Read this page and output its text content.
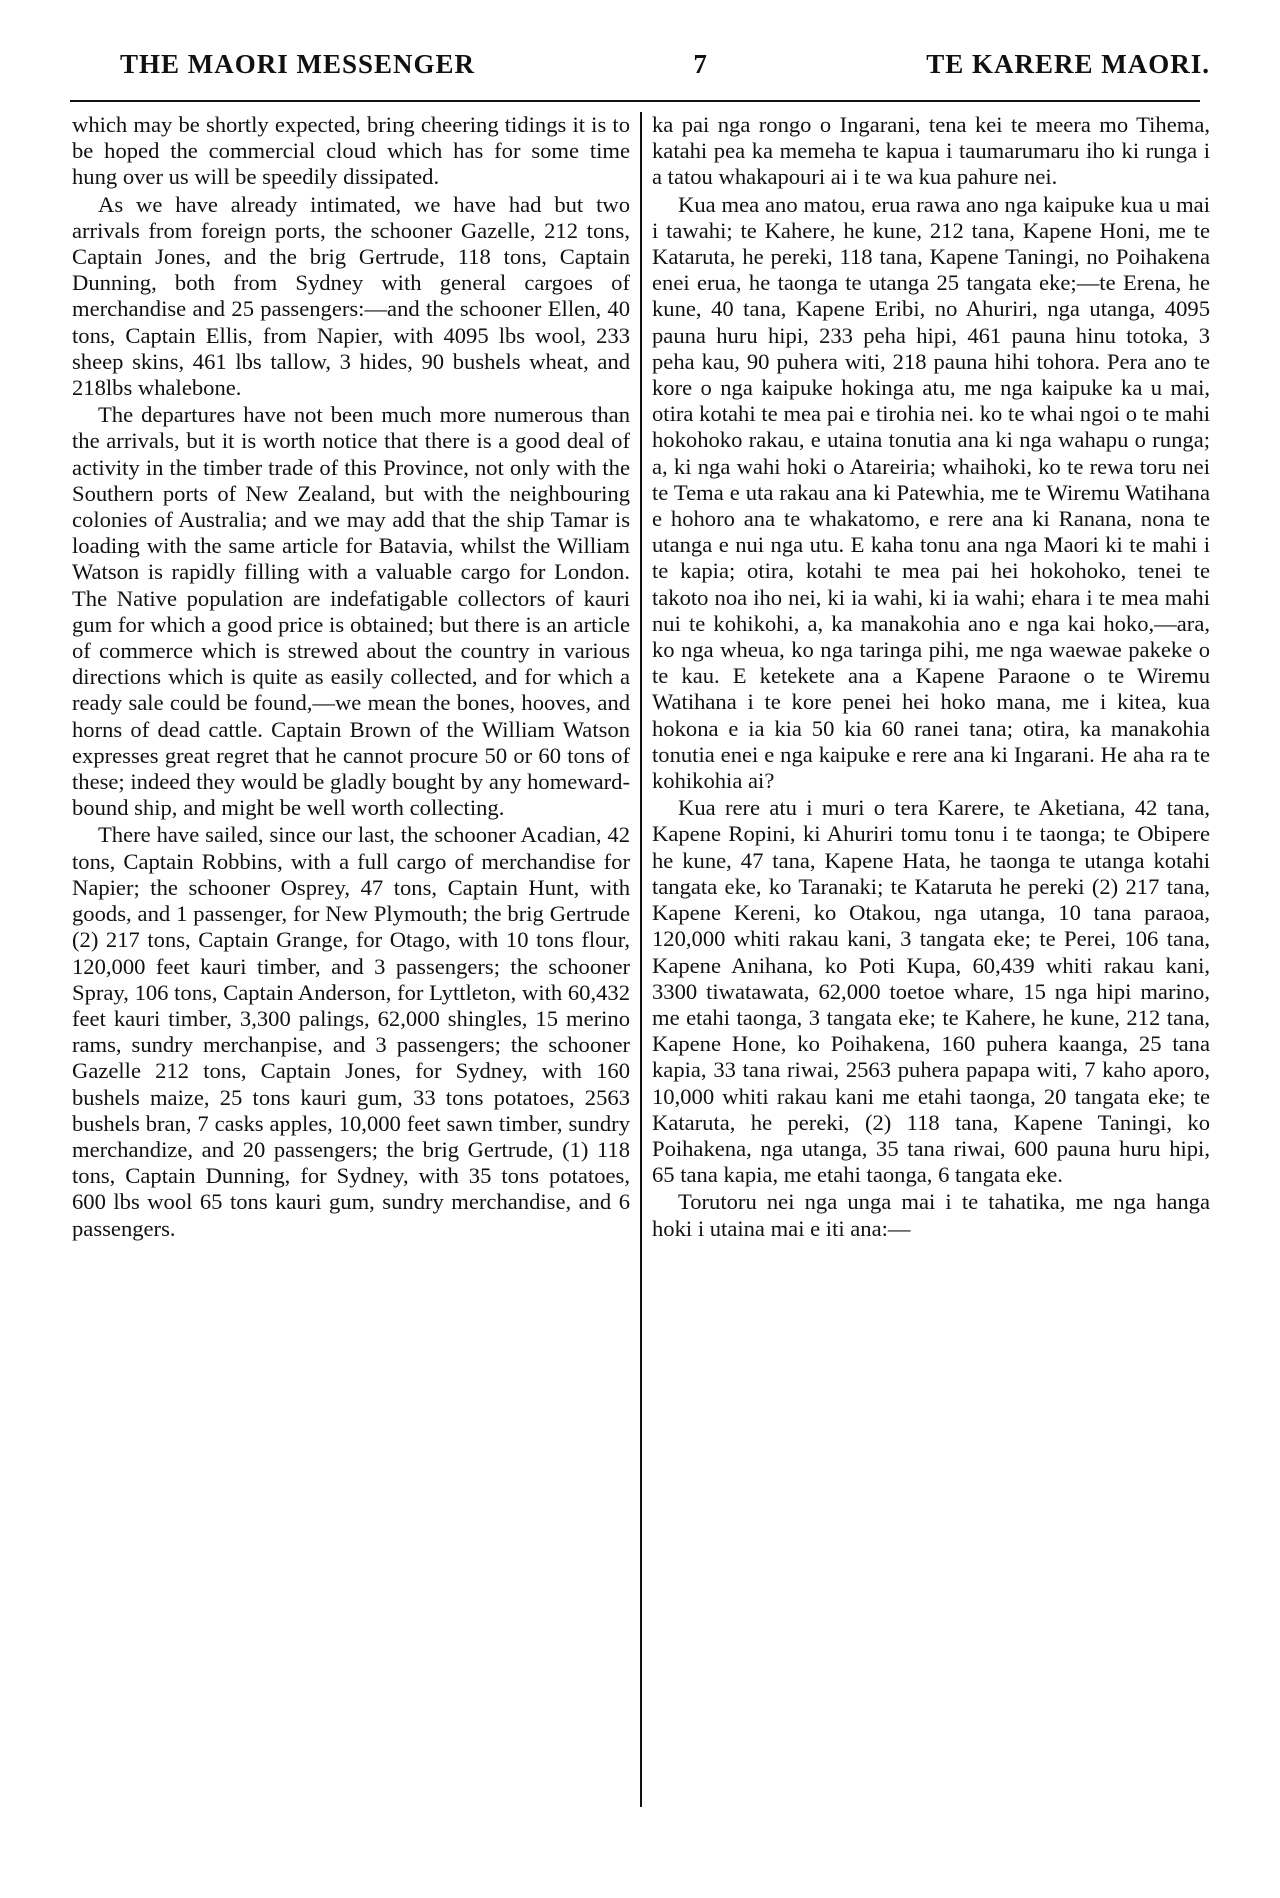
THE MAORI MESSENGER	7	TE KARERE MAORI.

which may be shortly expected, bring cheering tidings it is to be hoped the commercial cloud which has for some time hung over us will be speedily dissipated.

As we have already intimated, we have had but two arrivals from foreign ports, the schooner Gazelle, 212 tons, Captain Jones, and the brig Gertrude, 118 tons, Captain Dunning, both from Sydney with general cargoes of merchandise and 25 passengers:—and the schooner Ellen, 40 tons, Captain Ellis, from Napier, with 4095 lbs wool, 233 sheep skins, 461 lbs tallow, 3 hides, 90 bushels wheat, and 218lbs whalebone.

The departures have not been much more numerous than the arrivals, but it is worth notice that there is a good deal of activity in the timber trade of this Province, not only with the Southern ports of New Zealand, but with the neighbouring colonies of Australia; and we may add that the ship Tamar is loading with the same article for Batavia, whilst the William Watson is rapidly filling with a valuable cargo for London. The Native population are indefatigable collectors of kauri gum for which a good price is obtained; but there is an article of commerce which is strewed about the country in various directions which is quite as easily collected, and for which a ready sale could be found,—we mean the bones, hooves, and horns of dead cattle. Captain Brown of the William Watson expresses great regret that he cannot procure 50 or 60 tons of these; indeed they would be gladly bought by any homeward-bound ship, and might be well worth collecting.

There have sailed, since our last, the schooner Acadian, 42 tons, Captain Robbins, with a full cargo of merchandise for Napier; the schooner Osprey, 47 tons, Captain Hunt, with goods, and 1 passenger, for New Plymouth; the brig Gertrude (2) 217 tons, Captain Grange, for Otago, with 10 tons flour, 120,000 feet kauri timber, and 3 passengers; the schooner Spray, 106 tons, Captain Anderson, for Lyttleton, with 60,432 feet kauri timber, 3,300 palings, 62,000 shingles, 15 merino rams, sundry merchanpise, and 3 passengers; the schooner Gazelle 212 tons, Captain Jones, for Sydney, with 160 bushels maize, 25 tons kauri gum, 33 tons potatoes, 2563 bushels bran, 7 casks apples, 10,000 feet sawn timber, sundry merchandize, and 20 passengers; the brig Gertrude, (1) 118 tons, Captain Dunning, for Sydney, with 35 tons potatoes, 600 lbs wool 65 tons kauri gum, sundry merchandise, and 6 passengers.

ka pai nga rongo o Ingarani, tena kei te meera mo Tihema, katahi pea ka memeha te kapua i taumarumaru iho ki runga i a tatou whakapouri ai i te wa kua pahure nei.

Kua mea ano matou, erua rawa ano nga kaipuke kua u mai i tawahi; te Kahere, he kune, 212 tana, Kapene Honi, me te Kataruta, he pereki, 118 tana, Kapene Taningi, no Poihakena enei erua, he taonga te utanga 25 tangata eke;—te Erena, he kune, 40 tana, Kapene Eribi, no Ahuriri, nga utanga, 4095 pauna huru hipi, 233 peha hipi, 461 pauna hinu totoka, 3 peha kau, 90 puhera witi, 218 pauna hihi tohora. Pera ano te kore o nga kaipuke hokinga atu, me nga kaipuke ka u mai, otira kotahi te mea pai e tirohia nei. ko te whai ngoi o te mahi hokohoko rakau, e utaina tonutia ana ki nga wahapu o runga; a, ki nga wahi hoki o Atareiria; whaihoki, ko te rewa toru nei te Tema e uta rakau ana ki Patewhia, me te Wiremu Watihana e hohoro ana te whakatomo, e rere ana ki Ranana, nona te utanga e nui nga utu. E kaha tonu ana nga Maori ki te mahi i te kapia; otira, kotahi te mea pai hei hokohoko, tenei te takoto noa iho nei, ki ia wahi, ki ia wahi; ehara i te mea mahi nui te kohikohi, a, ka manakohia ano e nga kai hoko,—ara, ko nga wheua, ko nga taringa pihi, me nga waewae pakeke o te kau. E ketekete ana a Kapene Paraone o te Wiremu Watihana i te kore penei hei hoko mana, me i kitea, kua hokona e ia kia 50 kia 60 ranei tana; otira, ka manakohia tonutia enei e nga kaipuke e rere ana ki Ingarani. He aha ra te kohikohia ai?

Kua rere atu i muri o tera Karere, te Aketiana, 42 tana, Kapene Ropini, ki Ahuriri tomu tonu i te taonga; te Obipere he kune, 47 tana, Kapene Hata, he taonga te utanga kotahi tangata eke, ko Taranaki; te Kataruta he pereki (2) 217 tana, Kapene Kereni, ko Otakou, nga utanga, 10 tana paraoa, 120,000 whiti rakau kani, 3 tangata eke; te Perei, 106 tana, Kapene Anihana, ko Poti Kupa, 60,439 whiti rakau kani, 3300 tiwatawata, 62,000 toetoe whare, 15 nga hipi marino, me etahi taonga, 3 tangata eke; te Kahere, he kune, 212 tana, Kapene Hone, ko Poihakena, 160 puhera kaanga, 25 tana kapia, 33 tana riwai, 2563 puhera papapa witi, 7 kaho aporo, 10,000 whiti rakau kani me etahi taonga, 20 tangata eke; te Kataruta, he pereki, (2) 118 tana, Kapene Taningi, ko Poihakena, nga utanga, 35 tana riwai, 600 pauna huru hipi, 65 tana kapia, me etahi taonga, 6 tangata eke.

Torutoru nei nga unga mai i te tahatika, me nga hanga hoki i utaina mai e iti ana:—
